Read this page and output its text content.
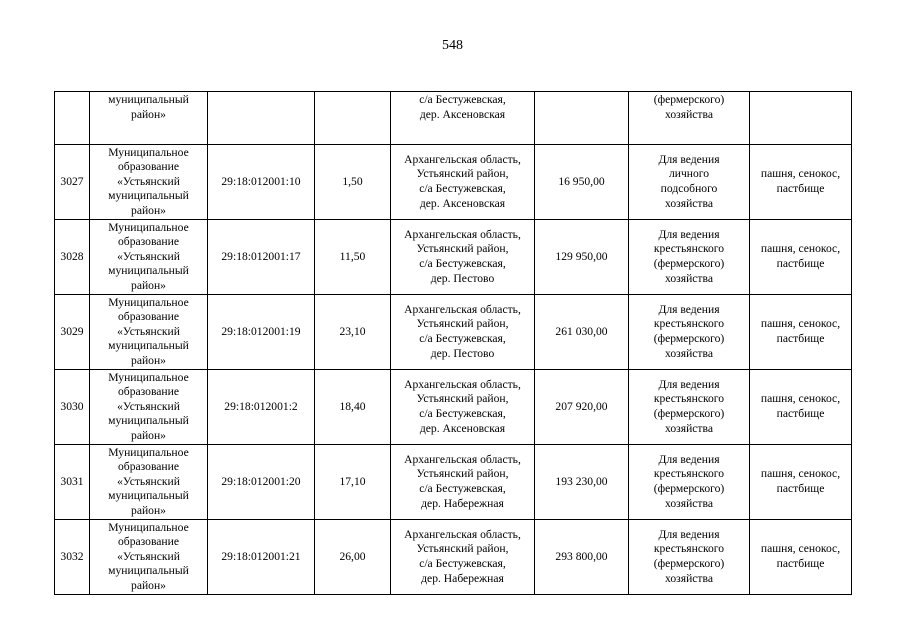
548

	муниципальный
район»			с/а Бестужевская,
дер. Аксеновская		(фермерского)
хозяйства	

3027	Муниципальное
образование
«Устьянский
муниципальный
район»	29:18:012001:10	1,50	Архангельская область,
Устьянский район,
с/а Бестужевская,
дер. Аксеновская	16 950,00	Для ведения
личного
подсобного
хозяйства	пашня, сенокос,
пастбище

3028	Муниципальное
образование
«Устьянский
муниципальный
район»	29:18:012001:17	11,50	Архангельская область,
Устьянский район,
с/а Бестужевская,
дер. Пестово	129 950,00	Для ведения
крестьянского
(фермерского)
хозяйства	пашня, сенокос,
пастбище

3029	Муниципальное
образование
«Устьянский
муниципальный
район»	29:18:012001:19	23,10	Архангельская область,
Устьянский район,
с/а Бестужевская,
дер. Пестово	261 030,00	Для ведения
крестьянского
(фермерского)
хозяйства	пашня, сенокос,
пастбище

3030	Муниципальное
образование
«Устьянский
муниципальный
район»	29:18:012001:2	18,40	Архангельская область,
Устьянский район,
с/а Бестужевская,
дер. Аксеновская	207 920,00	Для ведения
крестьянского
(фермерского)
хозяйства	пашня, сенокос,
пастбище

3031	Муниципальное
образование
«Устьянский
муниципальный
район»	29:18:012001:20	17,10	Архангельская область,
Устьянский район,
с/а Бестужевская,
дер. Набережная	193 230,00	Для ведения
крестьянского
(фермерского)
хозяйства	пашня, сенокос,
пастбище

3032	Муниципальное
образование
«Устьянский
муниципальный
район»	29:18:012001:21	26,00	Архангельская область,
Устьянский район,
с/а Бестужевская,
дер. Набережная	293 800,00	Для ведения
крестьянского
(фермерского)
хозяйства	пашня, сенокос,
пастбище
